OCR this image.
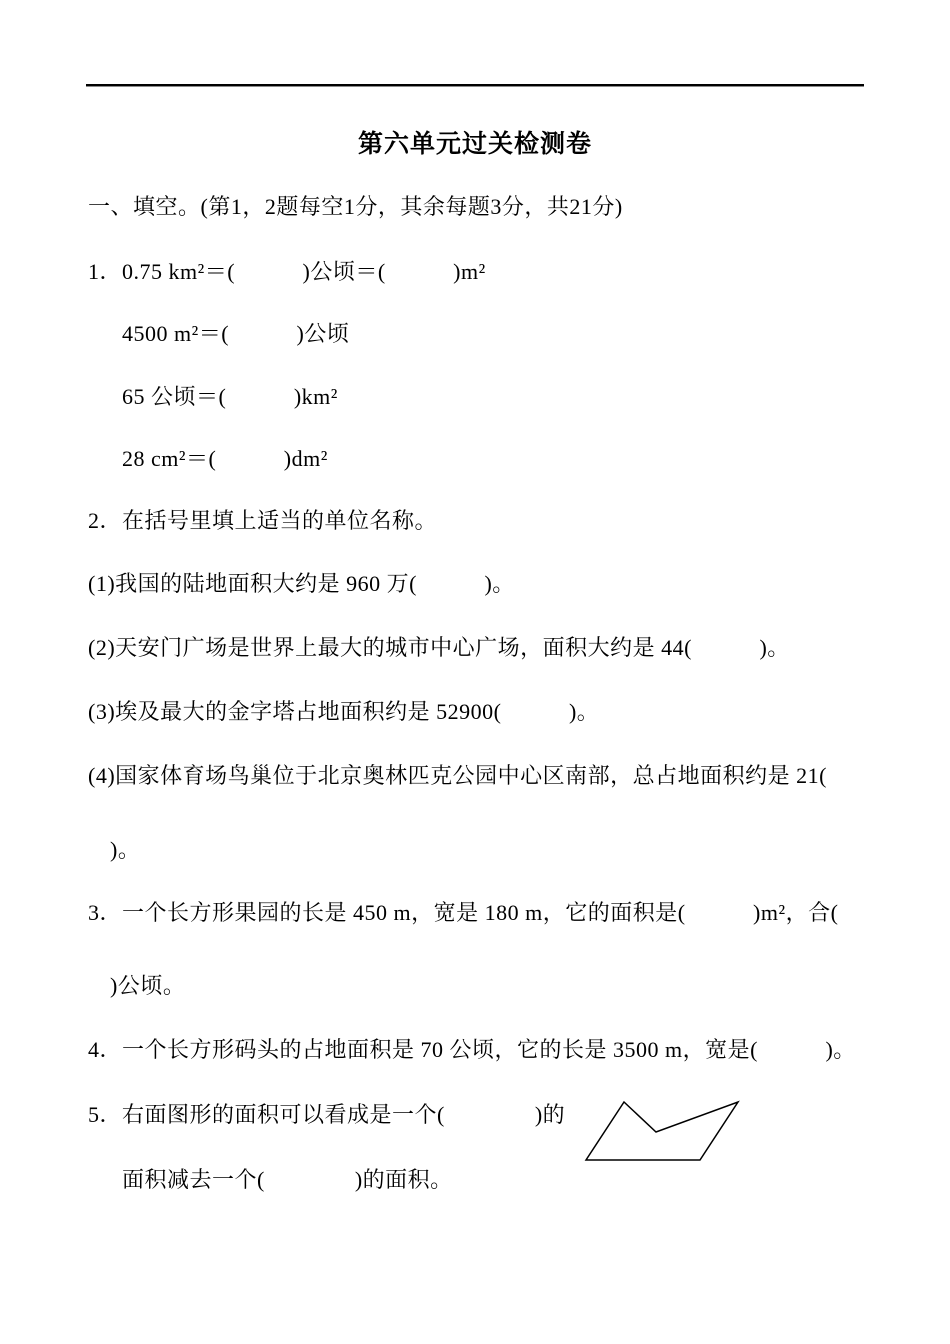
第六单元过关检测卷
一、填空。(第1，2题每空1分，其余每题3分，共21分)
1．0.75 km²＝(　　　)公顷＝(　　　)m²
4500 m²＝(　　　)公顷
65 公顷＝(　　　)km²
28 cm²＝(　　　)dm²
2．在括号里填上适当的单位名称。
(1)我国的陆地面积大约是 960 万(　　　)。
(2)天安门广场是世界上最大的城市中心广场，面积大约是 44(　　　)。
(3)埃及最大的金字塔占地面积约是 52900(　　　)。
(4)国家体育场鸟巢位于北京奥林匹克公园中心区南部，总占地面积约是 21(
)。
3．一个长方形果园的长是 450 m，宽是 180 m，它的面积是(　　　)m²，合(
)公顷。
4．一个长方形码头的占地面积是 70 公顷，它的长是 3500 m，宽是(　　　)。
5．右面图形的面积可以看成是一个(　　　　)的
面积减去一个(　　　　)的面积。
